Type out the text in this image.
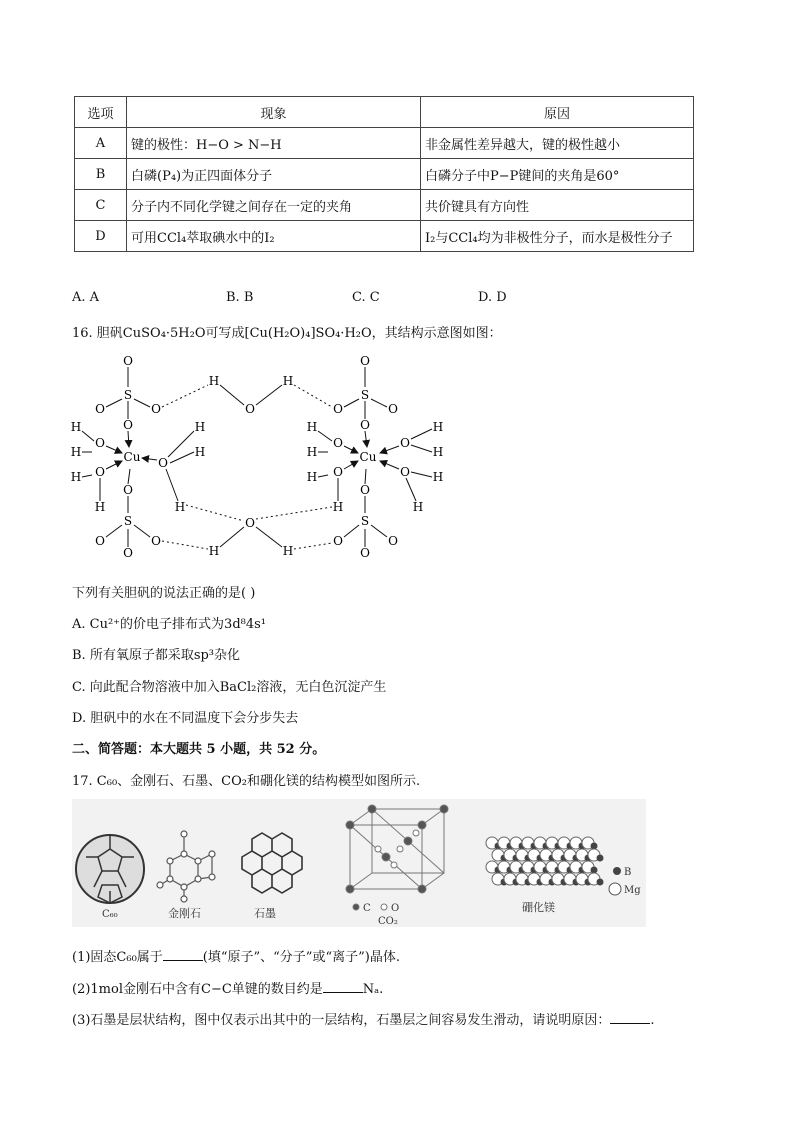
选项	现象	原因
A	键的极性：H−O > N−H	非金属性差异越大，键的极性越小
B	白磷(P₄)为正四面体分子	白磷分子中P−P键间的夹角是60°
C	分子内不同化学键之间存在一定的夹角	共价键具有方向性
D	可用CCl₄萃取碘水中的I₂	I₂与CCl₄均为非极性分子，而水是极性分子
A. A	B. B	C. C	D. D
16. 胆矾CuSO₄·5H₂O可写成[Cu(H₂O)₄]SO₄·H₂O，其结构示意图如图：
O
S
O	O
O
Cu
O
O
H
H
H
H
O
H
H
H
O
S
O	O
O
H
O
H
O
H	H
O
S
O	O
O
Cu
O
O
H
H
H
H
O
O
H
H
H
H
O
S
O	O
O
下列有关胆矾的说法正确的是( )
A. Cu²⁺的价电子排布式为3d⁸4s¹
B. 所有氧原子都采取sp³杂化
C. 向此配合物溶液中加入BaCl₂溶液，无白色沉淀产生
D. 胆矾中的水在不同温度下会分步失去
二、简答题：本大题共 5 小题，共 52 分。
17. C₆₀、金刚石、石墨、CO₂和硼化镁的结构模型如图所示.
C₆₀	金刚石	石墨	C O
CO₂
硼化镁
B
Mg
(1)固态C₆₀属于	(填“原子”、“分子”或“离子”)晶体.
(2)1mol金刚石中含有C−C单键的数目约是	Nₐ.
(3)石墨是层状结构，图中仅表示出其中的一层结构，石墨层之间容易发生滑动，请说明原因：	.
